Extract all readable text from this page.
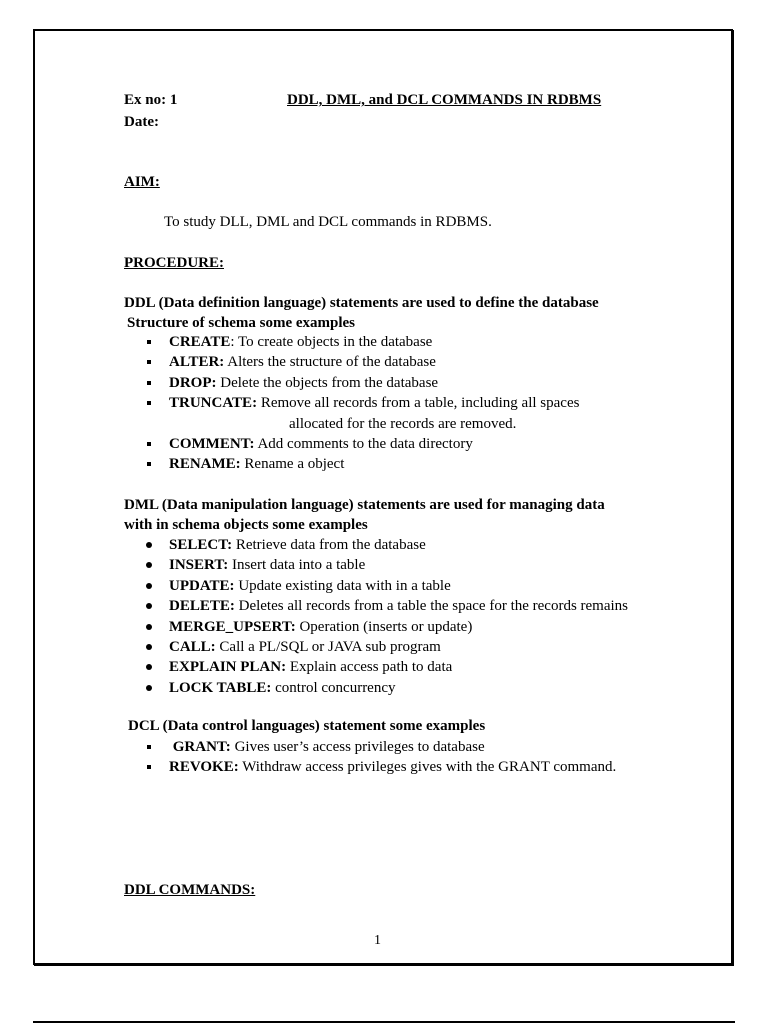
Ex no: 1	DDL, DML, and DCL COMMANDS IN RDBMS
Date:
AIM:
To study DLL, DML and DCL commands in RDBMS.
PROCEDURE:
DDL (Data definition language) statements are used to define the database
Structure of schema some examples
CREATE: To create objects in the database
ALTER: Alters the structure of the database
DROP: Delete the objects from the database
TRUNCATE: Remove all records from a table, including all spaces
allocated for the records are removed.
COMMENT: Add comments to the data directory
RENAME: Rename a object
DML (Data manipulation language) statements are used for managing data
with in schema objects some examples
SELECT: Retrieve data from the database
INSERT: Insert data into a table
UPDATE: Update existing data with in a table
DELETE: Deletes all records from a table the space for the records remains
MERGE_UPSERT: Operation (inserts or update)
CALL: Call a PL/SQL or JAVA sub program
EXPLAIN PLAN: Explain access path to data
LOCK TABLE: control concurrency
DCL (Data control languages) statement some examples
GRANT: Gives user’s access privileges to database
REVOKE: Withdraw access privileges gives with the GRANT command.
DDL COMMANDS:
1
